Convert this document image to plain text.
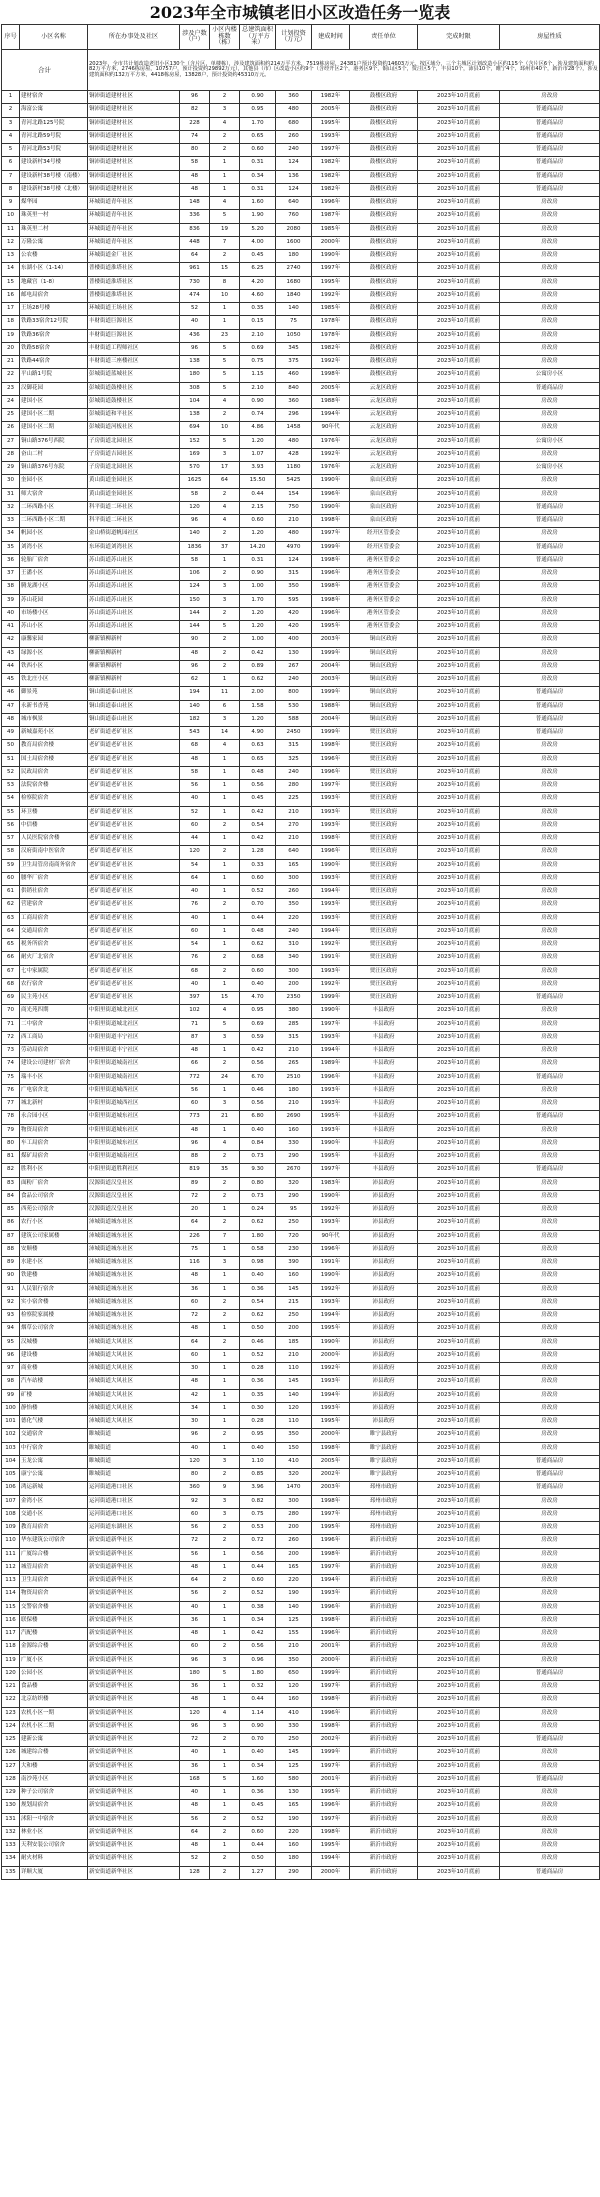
2023年全市城镇老旧小区改造任务一览表
序号	小区名称	所在办事处及社区	涉及户数（户）	小区内楼栋数（栋）	总建筑面积（万平方米）	计划投资（万元）	建成时间	责任单位	完成时限	房屋性质
合计		2023年，全市共计划改造老旧小区130个（含片区，单楼栋），涉及建筑面积约214万平方米，7519栋房屋，24381户预计投资约14603万元，按区域分，三个主城区计划改造小区约115个（含片区6个，涉及建筑面积约82万平方米，2746栋房屋，10757户，预计投资约29892万元），其他县（市）区改造小区约9个（含经开区2个，港务区9个，铜山区5个，贾汪区5个，丰县10个，沛县10个，睢宁4个，邳州市40个，新沂市28个），涉及建筑面积约132万平方米，4418栋房屋，13828户，预计投资约45310万元。								
1	建材宿舍	铜沛街道建材社区	96	2	0.90	360	1982年	鼓楼区政府	2023年10月底前	房改房
2	海富公寓	铜沛街道建材社区	82	3	0.95	480	2005年	鼓楼区政府	2023年10月底前	普通商品房
3	青河北路125号院	铜沛街道建材社区	228	4	1.70	680	1995年	鼓楼区政府	2023年10月底前	普通商品房
4	青河北路59号院	铜沛街道建材社区	74	2	0.65	260	1993年	鼓楼区政府	2023年10月底前	普通商品房
5	青河北路53号院	铜沛街道建材社区	80	2	0.60	240	1997年	鼓楼区政府	2023年10月底前	普通商品房
6	建设新村34号楼	铜沛街道建材社区	58	1	0.31	124	1982年	鼓楼区政府	2023年10月底前	普通商品房
7	建设新村38号楼（南楼）	铜沛街道建材社区	48	1	0.34	136	1982年	鼓楼区政府	2023年10月底前	普通商品房
8	建设新村38号楼（北楼）	铜沛街道建材社区	48	1	0.31	124	1982年	鼓楼区政府	2023年10月底前	普通商品房
9	煤华园	环城街道青年社区	148	4	1.60	640	1996年	鼓楼区政府	2023年10月底前	房改房
10	珠英里一村	环城街道青年社区	336	5	1.90	760	1987年	鼓楼区政府	2023年10月底前	房改房
11	珠英里二村	环城街道青年社区	836	19	5.20	2080	1985年	鼓楼区政府	2023年10月底前	房改房
12	万隆公寓	环城街道青年社区	448	7	4.00	1600	2000年	鼓楼区政府	2023年10月底前	房改房
13	公农楼	环城街道金厂社区	64	2	0.45	180	1990年	鼓楼区政府	2023年10月底前	房改房
14	东湖小区（1-14）	普楼街道淮塔社区	961	15	6.25	2740	1997年	鼓楼区政府	2023年10月底前	房改房
15	地藏宫（1-8）	普楼街道淮塔社区	730	8	4.20	1680	1995年	鼓楼区政府	2023年10月底前	房改房
16	邮电局宿舍	普楼街道淮塔社区	474	10	4.60	1840	1992年	鼓楼区政府	2023年10月底前	房改房
17	王场28号楼	环城街道王场社区	52	1	0.35	140	1985年	鼓楼区政府	2023年10月底前	房改房
18	铁路33宿舍12号院	丰财街道巨源社区	40	1	0.15	75	1978年	鼓楼区政府	2023年10月底前	房改房
19	铁路36宿舍	丰财街道巨源社区	436	23	2.10	1050	1978年	鼓楼区政府	2023年10月底前	房改房
20	铁路58宿舍	丰财街道工程师社区	96	5	0.69	345	1982年	鼓楼区政府	2023年10月底前	房改房
21	铁路44宿舍	丰财街道三座楼社区	138	5	0.75	375	1992年	鼓楼区政府	2023年10月底前	房改房
22	平山路1号院	彭城街道蓝城社区	180	5	1.15	460	1998年	鼓楼区政府	2023年10月底前	公寓房小区
23	汉御花园	彭城街道鼓楼社区	308	5	2.10	840	2005年	云龙区政府	2023年10月底前	普通商品房
24	建国小区	彭城街道鼓楼社区	104	4	0.90	360	1988年	云龙区政府	2023年10月底前	房改房
25	建国小区二期	彭城街道和平社区	138	2	0.74	296	1994年	云龙区政府	2023年10月底前	房改房
26	建国小区二期	彭城街道河板社区	694	10	4.86	1458	90年代	云龙区政府	2023年10月底前	房改房
27	铜山路376号西院	子房街道北园社区	152	5	1.20	480	1976年	云龙区政府	2023年10月底前	公寓房小区
28	奋山二村	子房街道吉园社区	169	3	1.07	428	1992年	云龙区政府	2023年10月底前	房改房
29	铜山路376号东院	子房街道北园社区	570	17	3.93	1180	1976年	云龙区政府	2023年10月底前	公寓房小区
30	奎园小区	黄山街道奎园社区	1625	64	15.50	5425	1990年	泉山区政府	2023年10月底前	房改房
31	师大宿舍	黄山街道奎园社区	58	2	0.44	154	1996年	泉山区政府	2023年10月底前	房改房
32	二环西路小区	科平街道二环社区	120	4	2.15	750	1990年	泉山区政府	2023年10月底前	普通商品房
33	二环西路小区二期	科平街道二环社区	96	4	0.60	210	1998年	泉山区政府	2023年10月底前	普通商品房
34	帆园小区	金山桥街道帆园社区	140	2	1.20	480	1997年	经开区管委会	2023年10月底前	房改房
35	刘湾小区	东环街道刘湾社区	1836	37	14.20	4970	1999年	经开区管委会	2023年10月底前	普通商品房
36	轮胎厂宿舍	苏山街道苏山社区	58	1	0.31	124	1998年	港务区管委会	2023年10月底前	普通商品房
37	王潘小区	苏山街道苏山社区	106	2	0.90	315	1996年	港务区管委会	2023年10月底前	房改房
38	腾龙湖小区	苏山街道苏山社区	124	3	1.00	350	1998年	港务区管委会	2023年10月底前	房改房
39	苏山花园	苏山街道苏山社区	150	3	1.70	595	1998年	港务区管委会	2023年10月底前	房改房
40	市场楼小区	苏山街道苏山社区	144	2	1.20	420	1996年	港务区管委会	2023年10月底前	房改房
41	苏山小区	苏山街道苏山社区	144	5	1.20	420	1995年	港务区管委会	2023年10月底前	房改房
42	康馨家园	柳新镇柳新村	90	2	1.00	400	2003年	铜山区政府	2023年10月底前	房改房
43	绿源小区	柳新镇柳新村	48	2	0.42	130	1999年	铜山区政府	2023年10月底前	房改房
44	铁西小区	柳新镇柳新村	96	2	0.89	267	2004年	铜山区政府	2023年10月底前	房改房
45	铁北庄小区	柳新镇柳新村	62	1	0.62	240	2003年	铜山区政府	2023年10月底前	房改房
46	御景苑	铜山街道泰山社区	194	11	2.00	800	1999年	铜山区政府	2023年10月底前	普通商品房
47	永新书香苑	铜山街道泰山社区	140	6	1.58	530	1988年	铜山区政府	2023年10月底前	普通商品房
48	城市枫景	铜山街道泰山社区	182	3	1.20	588	2004年	铜山区政府	2023年10月底前	普通商品房
49	新城嘉苑小区	老矿街道老矿社区	543	14	4.90	2450	1999年	贾汪区政府	2023年10月底前	普通商品房
50	教育局宿舍楼	老矿街道老矿社区	68	4	0.63	315	1998年	贾汪区政府	2023年10月底前	房改房
51	国土局宿舍楼	老矿街道老矿社区	48	1	0.65	325	1996年	贾汪区政府	2023年10月底前	房改房
52	民政局宿舍	老矿街道老矿社区	58	1	0.48	240	1996年	贾汪区政府	2023年10月底前	房改房
53	法院宿舍楼	老矿街道老矿社区	56	1	0.56	280	1997年	贾汪区政府	2023年10月底前	房改房
54	检察院宿舍	老矿街道老矿社区	40	1	0.45	225	1993年	贾汪区政府	2023年10月底前	房改房
55	环卫楼	老矿街道老矿社区	52	1	0.42	210	1993年	贾汪区政府	2023年10月底前	房改房
56	中信楼	老矿街道老矿社区	60	2	0.54	270	1993年	贾汪区政府	2023年10月底前	房改房
57	人民医院宿舍楼	老矿街道老矿社区	44	1	0.42	210	1998年	贾汪区政府	2023年10月底前	房改房
58	汉府街南中医宿舍	老矿街道老矿社区	120	2	1.28	640	1996年	贾汪区政府	2023年10月底前	房改房
59	卫生局管房南商务宿舍	老矿街道老矿社区	54	1	0.33	165	1990年	贾汪区政府	2023年10月底前	房改房
60	腰华厂宿舍	老矿街道老矿社区	64	1	0.60	300	1993年	贾汪区政府	2023年10月底前	房改房
61	供销社宿舍	老矿街道老矿社区	40	1	0.52	260	1994年	贾汪区政府	2023年10月底前	房改房
62	营建宿舍	老矿街道老矿社区	76	2	0.70	350	1993年	贾汪区政府	2023年10月底前	房改房
63	工商局宿舍	老矿街道老矿社区	40	1	0.44	220	1993年	贾汪区政府	2023年10月底前	房改房
64	交通局宿舍	老矿街道老矿社区	60	1	0.48	240	1994年	贾汪区政府	2023年10月底前	房改房
65	税务所宿舍	老矿街道老矿社区	54	1	0.62	310	1992年	贾汪区政府	2023年10月底前	房改房
66	耐火厂北宿舍	老矿街道老矿社区	76	2	0.68	340	1991年	贾汪区政府	2023年10月底前	房改房
67	七中家属院	老矿街道老矿社区	68	2	0.60	300	1993年	贾汪区政府	2023年10月底前	房改房
68	农行宿舍	老矿街道老矿社区	40	1	0.40	200	1992年	贾汪区政府	2023年10月底前	房改房
69	民主苑小区	老矿街道老矿社区	397	15	4.70	2350	1999年	贾汪区政府	2023年10月底前	普通商品房
70	商光苑四期	中阳里街道城北社区	102	4	0.95	380	1990年	丰县政府	2023年10月底前	房改房
71	二中宿舍	中阳里街道城北社区	71	5	0.69	285	1997年	丰县政府	2023年10月底前	房改房
72	西工商局	中阳里街道丰宁社区	87	3	0.59	315	1993年	丰县政府	2023年10月底前	房改房
73	劳动局宿舍	中阳里街道丰宁社区	48	1	0.42	210	1994年	丰县政府	2023年10月底前	房改房
74	建设公司建材厂宿舍	中阳里街道城南社区	66	2	0.56	265	1989年	丰县政府	2023年10月底前	房改房
75	瑞丰小区	中阳里街道城南社区	772	24	6.70	2510	1996年	丰县政府	2023年10月底前	普通商品房
76	广电宿舍北	中阳里街道城西社区	56	1	0.46	180	1993年	丰县政府	2023年10月底前	房改房
77	城北新村	中阳里街道城西社区	60	3	0.56	210	1993年	丰县政府	2023年10月底前	房改房
78	永合园小区	中阳里街道城东社区	773	21	6.80	2690	1995年	丰县政府	2023年10月底前	普通商品房
79	物资局宿舍	中阳里街道城东社区	48	1	0.40	160	1993年	丰县政府	2023年10月底前	房改房
80	车工局宿舍	中阳里街道城东社区	96	4	0.84	330	1990年	丰县政府	2023年10月底前	房改房
81	煤矿局宿舍	中阳里街道城南社区	88	2	0.73	290	1995年	丰县政府	2023年10月底前	房改房
82	胜利小区	中阳里街道胜利社区	819	35	9.30	2670	1997年	丰县政府	2023年10月底前	普通商品房
83	面粉厂宿舍	汉源街道汉皇社区	89	2	0.80	320	1983年	沛县政府	2023年10月底前	房改房
84	食品公司宿舍	汉源街道汉皇社区	72	2	0.73	290	1990年	沛县政府	2023年10月底前	房改房
85	西苑公司宿舍	汉源街道汉皇社区	20	1	0.24	95	1992年	沛县政府	2023年10月底前	房改房
86	农行小区	沛城街道城东社区	64	2	0.62	250	1993年	沛县政府	2023年10月底前	房改房
87	建筑公司家属楼	沛城街道城东社区	226	7	1.80	720	90年代	沛县政府	2023年10月底前	房改房
88	安顺楼	沛城街道城东社区	75	1	0.58	230	1996年	沛县政府	2023年10月底前	房改房
89	水建小区	沛城街道城东社区	116	3	0.98	390	1991年	沛县政府	2023年10月底前	房改房
90	铁建楼	沛城街道城东社区	48	1	0.40	160	1990年	沛县政府	2023年10月底前	房改房
91	人民银行宿舍	沛城街道城东社区	36	1	0.36	145	1992年	沛县政府	2023年10月底前	房改房
92	实小宿舍楼	沛城街道城东社区	60	2	0.54	215	1993年	沛县政府	2023年10月底前	房改房
93	检察院家属楼	沛城街道城东社区	72	2	0.62	250	1994年	沛县政府	2023年10月底前	房改房
94	烟草公司宿舍	沛城街道城东社区	48	1	0.50	200	1995年	沛县政府	2023年10月底前	房改房
95	汉城楼	沛城街道大风社区	64	2	0.46	185	1990年	沛县政府	2023年10月底前	房改房
96	建设楼	沛城街道大风社区	60	1	0.52	210	2000年	沛县政府	2023年10月底前	房改房
97	商业楼	沛城街道大风社区	30	1	0.28	110	1992年	沛县政府	2023年10月底前	房改房
98	汽车站楼	沛城街道大风社区	48	1	0.36	145	1993年	沛县政府	2023年10月底前	房改房
99	矿楼	沛城街道大风社区	42	1	0.35	140	1994年	沛县政府	2023年10月底前	房改房
100	静怡楼	沛城街道大风社区	34	1	0.30	120	1993年	沛县政府	2023年10月底前	房改房
101	德化气楼	沛城街道大风社区	30	1	0.28	110	1995年	沛县政府	2023年10月底前	房改房
102	交通宿舍	睢城街道	96	2	0.95	350	2000年	睢宁县政府	2023年10月底前	房改房
103	中行宿舍	睢城街道	40	1	0.40	150	1998年	睢宁县政府	2023年10月底前	房改房
104	玉龙公寓	睢城街道	120	3	1.10	410	2005年	睢宁县政府	2023年10月底前	普通商品房
105	康宁公寓	睢城街道	80	2	0.85	320	2002年	睢宁县政府	2023年10月底前	普通商品房
106	鸿运新城	运河街道港口社区	360	9	3.96	1470	2003年	邳州市政府	2023年10月底前	普通商品房
107	金湾小区	运河街道港口社区	92	3	0.82	300	1998年	邳州市政府	2023年10月底前	房改房
108	交通小区	运河街道港口社区	60	3	0.75	280	1997年	邳州市政府	2023年10月底前	房改房
109	教育局宿舍	运河街道东湖社区	56	2	0.53	200	1995年	邳州市政府	2023年10月底前	房改房
110	华东建筑公司宿舍	新安街道新华社区	72	2	0.72	260	1996年	新沂市政府	2023年10月底前	房改房
111	广厦综合楼	新安街道新华社区	56	1	0.56	200	1998年	新沂市政府	2023年10月底前	房改房
112	城管局宿舍	新安街道新华社区	48	1	0.44	165	1997年	新沂市政府	2023年10月底前	房改房
113	卫生局宿舍	新安街道新华社区	64	2	0.60	220	1994年	新沂市政府	2023年10月底前	房改房
114	物资局宿舍	新安街道新华社区	56	2	0.52	190	1993年	新沂市政府	2023年10月底前	房改房
115	交警宿舍楼	新安街道新华社区	40	1	0.38	140	1996年	新沂市政府	2023年10月底前	房改房
116	联保楼	新安街道新华社区	36	1	0.34	125	1998年	新沂市政府	2023年10月底前	房改房
117	汽配楼	新安街道新华社区	48	1	0.42	155	1996年	新沂市政府	2023年10月底前	房改房
118	金源综合楼	新安街道新华社区	60	2	0.56	210	2001年	新沂市政府	2023年10月底前	房改房
119	广厦小区	新安街道新华社区	96	3	0.96	350	2000年	新沂市政府	2023年10月底前	房改房
120	公园小区	新安街道新华社区	180	5	1.80	650	1999年	新沂市政府	2023年10月底前	普通商品房
121	食品楼	新安街道新华社区	36	1	0.32	120	1997年	新沂市政府	2023年10月底前	房改房
122	北京纺织楼	新安街道新华社区	48	1	0.44	160	1998年	新沂市政府	2023年10月底前	房改房
123	农机小区一期	新安街道新华社区	120	4	1.14	410	1996年	新沂市政府	2023年10月底前	房改房
124	农机小区二期	新安街道新华社区	96	3	0.90	330	1998年	新沂市政府	2023年10月底前	房改房
125	建新公寓	新安街道新华社区	72	2	0.70	250	2002年	新沂市政府	2023年10月底前	普通商品房
126	城建综合楼	新安街道新华社区	40	1	0.40	145	1999年	新沂市政府	2023年10月底前	房改房
127	大和楼	新安街道新华社区	36	1	0.34	125	1997年	新沂市政府	2023年10月底前	房改房
128	南沙苑小区	新安街道新华社区	168	5	1.60	580	2001年	新沂市政府	2023年10月底前	普通商品房
129	种子公司宿舍	新安街道新华社区	40	1	0.36	130	1995年	新沂市政府	2023年10月底前	房改房
130	规划局宿舍	新安街道新华社区	48	1	0.45	165	1996年	新沂市政府	2023年10月底前	房改房
131	沭阳一中宿舍	新安街道新华社区	56	2	0.52	190	1997年	新沂市政府	2023年10月底前	房改房
132	林业小区	新安街道新华社区	64	2	0.60	220	1998年	新沂市政府	2023年10月底前	房改房
133	天利安装公司宿舍	新安街道新华社区	48	1	0.44	160	1995年	新沂市政府	2023年10月底前	房改房
134	耐火材料	新安街道新华社区	52	2	0.50	180	1994年	新沂市政府	2023年10月底前	房改房
135	详顺大厦	新安街道新华社区	128	2	1.27	290	2000年	新沂市政府	2023年10月底前	普通商品房
